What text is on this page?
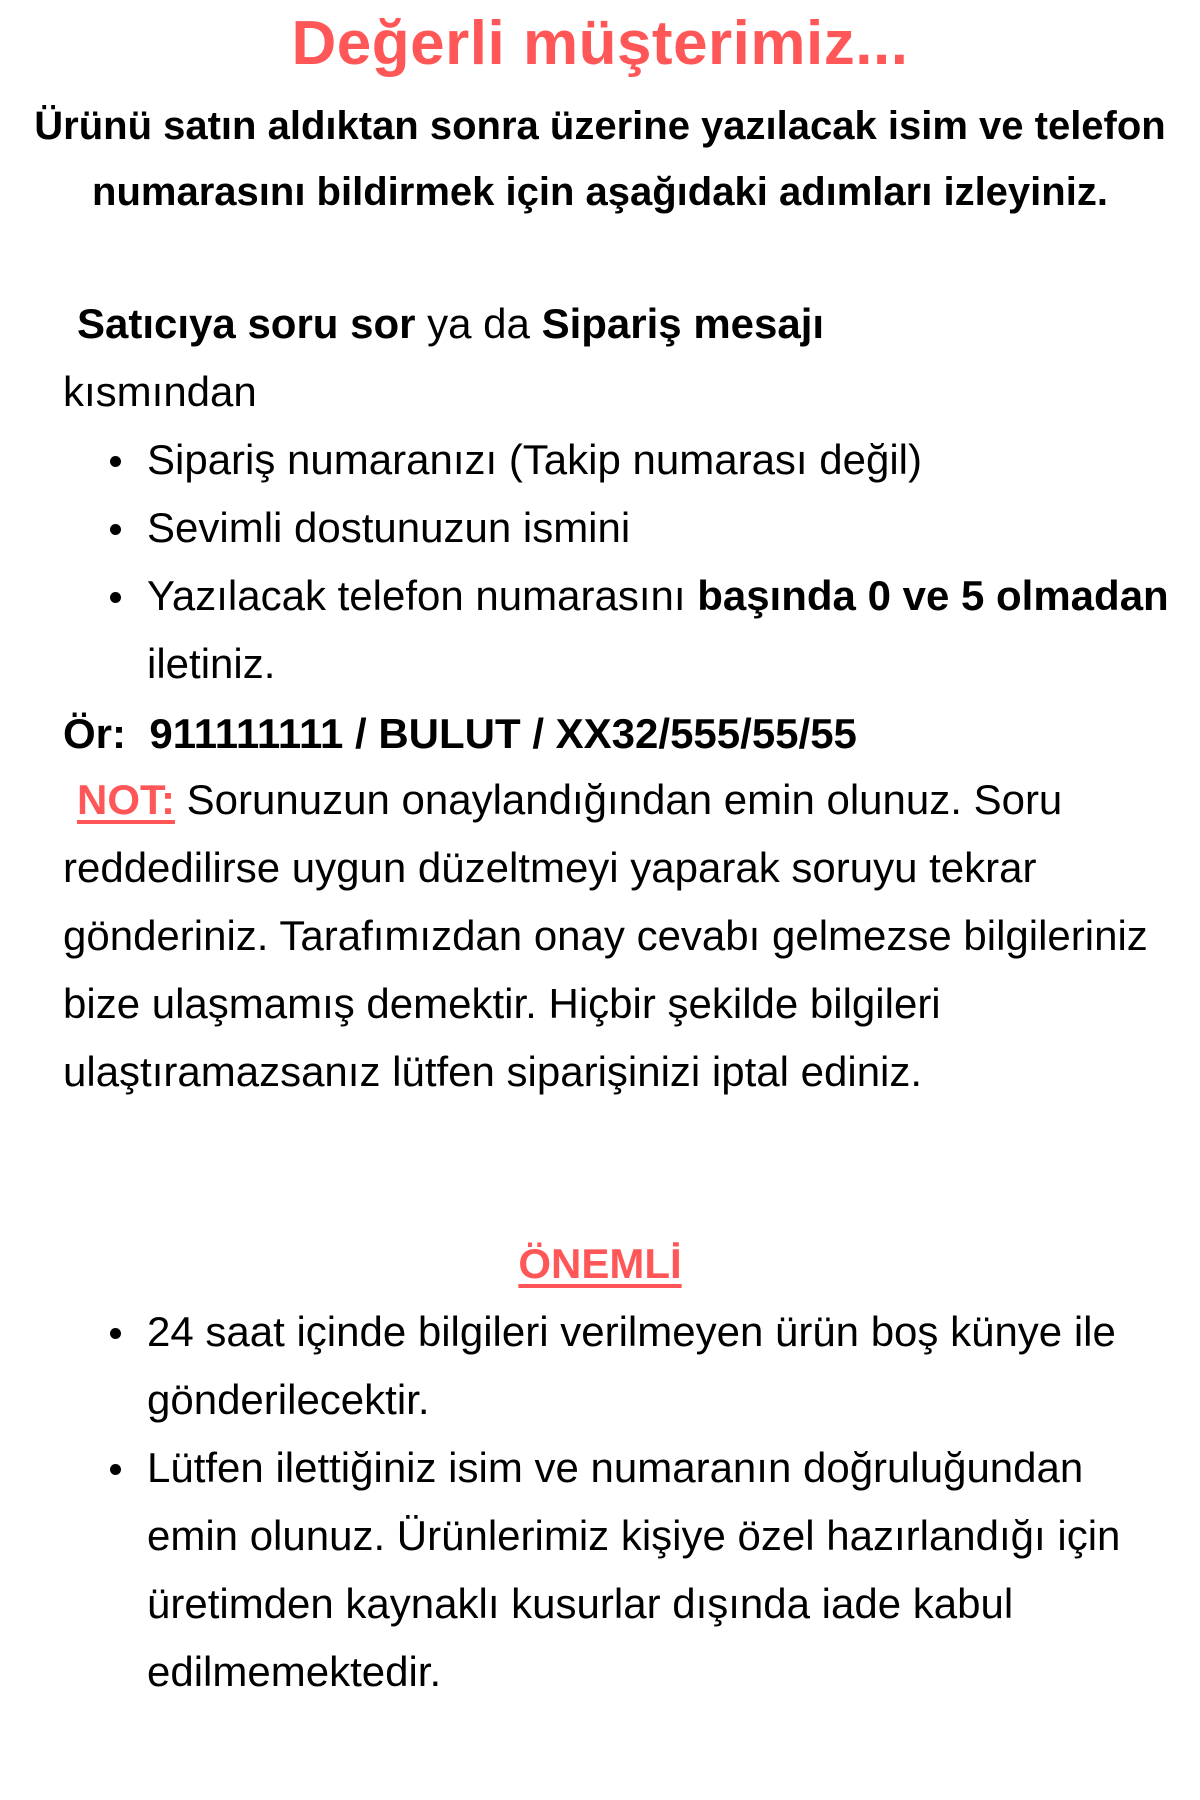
Değerli müşterimiz...
Ürünü satın aldıktan sonra üzerine yazılacak isim ve telefon numarasını bildirmek için aşağıdaki adımları izleyiniz.
Satıcıya soru sor ya da Sipariş mesajı
kısmından
Sipariş numaranızı (Takip numarası değil)
Sevimli dostunuzun ismini
Yazılacak telefon numarasını başında 0 ve 5 olmadan iletiniz.
Ör:  911111111 / BULUT / XX32/555/55/55
NOT: Sorunuzun onaylandığından emin olunuz. Soru reddedilirse uygun düzeltmeyi yaparak soruyu tekrar gönderiniz. Tarafımızdan onay cevabı gelmezse bilgileriniz bize ulaşmamış demektir. Hiçbir şekilde bilgileri ulaştıramazsanız lütfen siparişinizi iptal ediniz.
ÖNEMLİ
24 saat içinde bilgileri verilmeyen ürün boş künye ile gönderilecektir.
Lütfen ilettiğiniz isim ve numaranın doğruluğundan emin olunuz. Ürünlerimiz kişiye özel hazırlandığı için üretimden kaynaklı kusurlar dışında iade kabul edilmemektedir.
